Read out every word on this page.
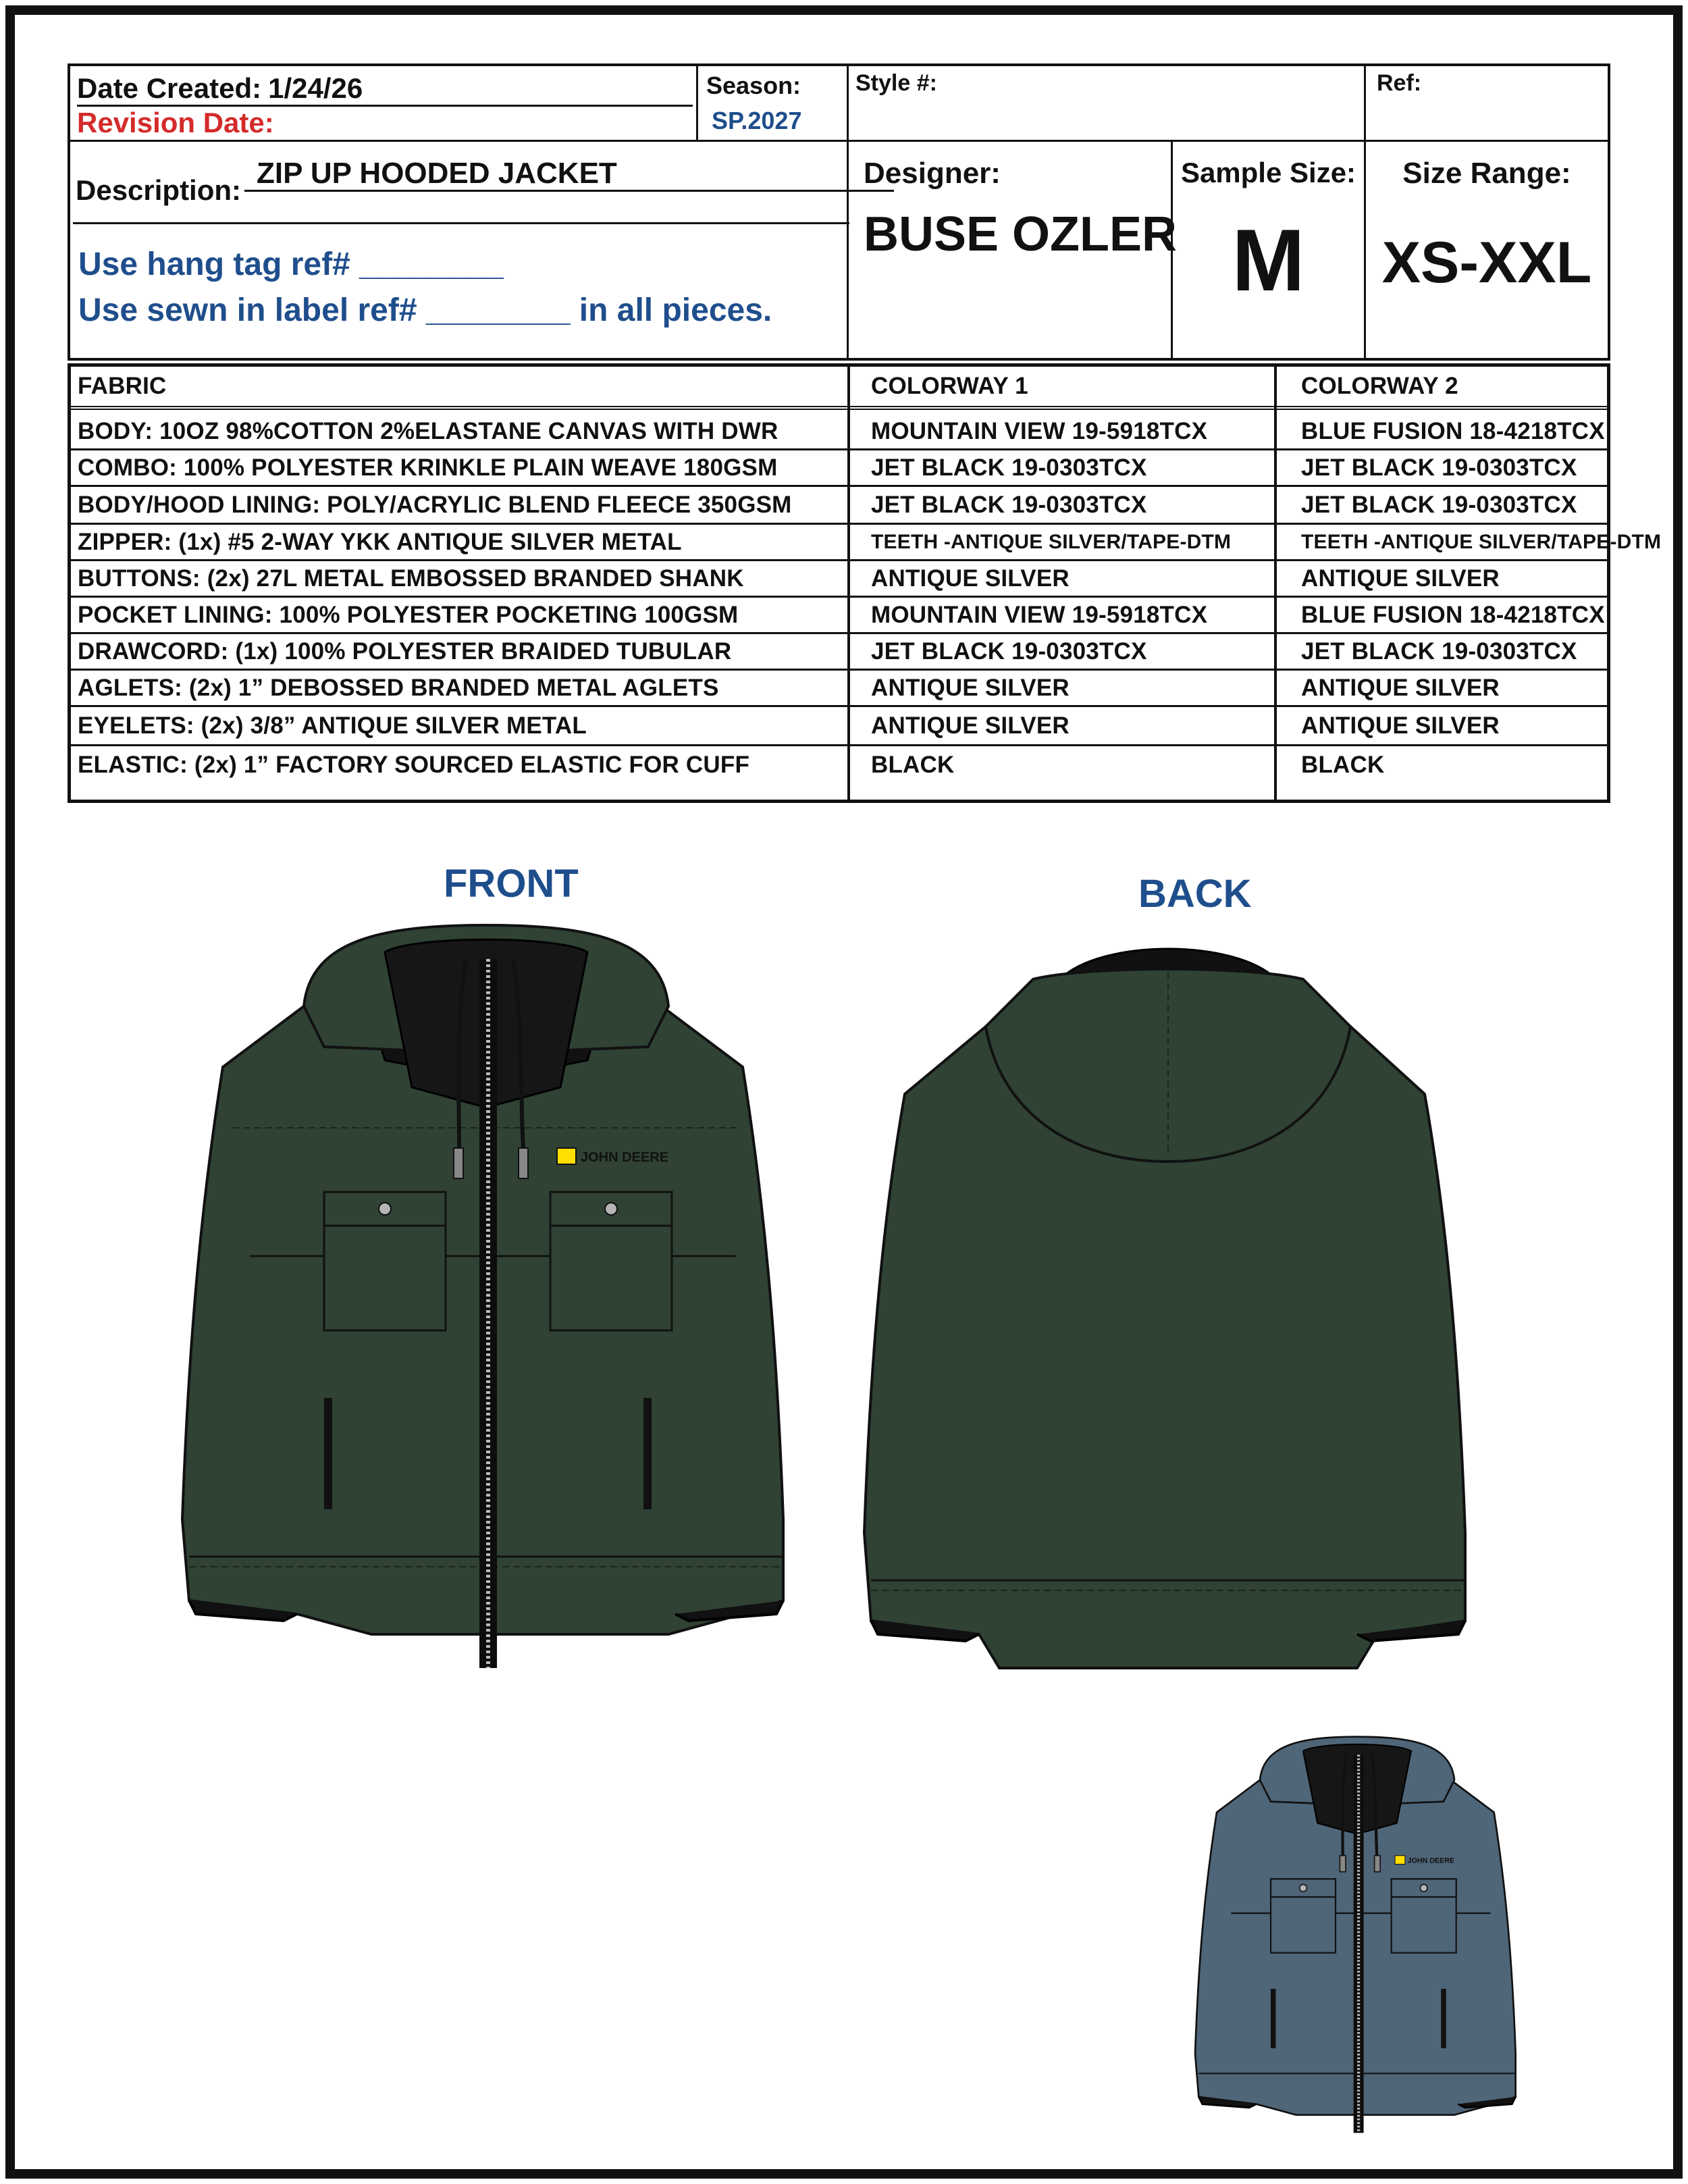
Date Created: 1/24/26
Revision Date:
Season:
SP.2027
Style #:	Ref:
Description:
ZIP UP HOODED JACKET
Use hang tag ref# ________
Use sewn in label ref# ________ in all pieces.
Designer:
BUSE OZLER
Sample Size:
M
Size Range:
XS-XXL
FABRIC	COLORWAY 1	COLORWAY 2
BODY: 10OZ 98%COTTON 2%ELASTANE CANVAS WITH DWR	MOUNTAIN VIEW 19-5918TCX	BLUE FUSION 18-4218TCX
COMBO: 100% POLYESTER KRINKLE PLAIN WEAVE 180GSM	JET BLACK 19-0303TCX	JET BLACK 19-0303TCX
BODY/HOOD LINING: POLY/ACRYLIC BLEND FLEECE 350GSM	JET BLACK 19-0303TCX	JET BLACK 19-0303TCX
ZIPPER: (1x) #5 2-WAY YKK ANTIQUE SILVER METAL	TEETH -ANTIQUE SILVER/TAPE-DTM	TEETH -ANTIQUE SILVER/TAPE-DTM
BUTTONS: (2x) 27L METAL EMBOSSED BRANDED SHANK	ANTIQUE SILVER	ANTIQUE SILVER
POCKET LINING: 100% POLYESTER POCKETING 100GSM	MOUNTAIN VIEW 19-5918TCX	BLUE FUSION 18-4218TCX
DRAWCORD: (1x) 100% POLYESTER BRAIDED TUBULAR	JET BLACK 19-0303TCX	JET BLACK 19-0303TCX
AGLETS: (2x) 1” DEBOSSED BRANDED METAL AGLETS	ANTIQUE SILVER	ANTIQUE SILVER
EYELETS: (2x) 3/8” ANTIQUE SILVER METAL	ANTIQUE SILVER	ANTIQUE SILVER
ELASTIC: (2x) 1” FACTORY SOURCED ELASTIC FOR CUFF	BLACK	BLACK
FRONT	BACK
JOHN DEERE
JOHN DEERE
